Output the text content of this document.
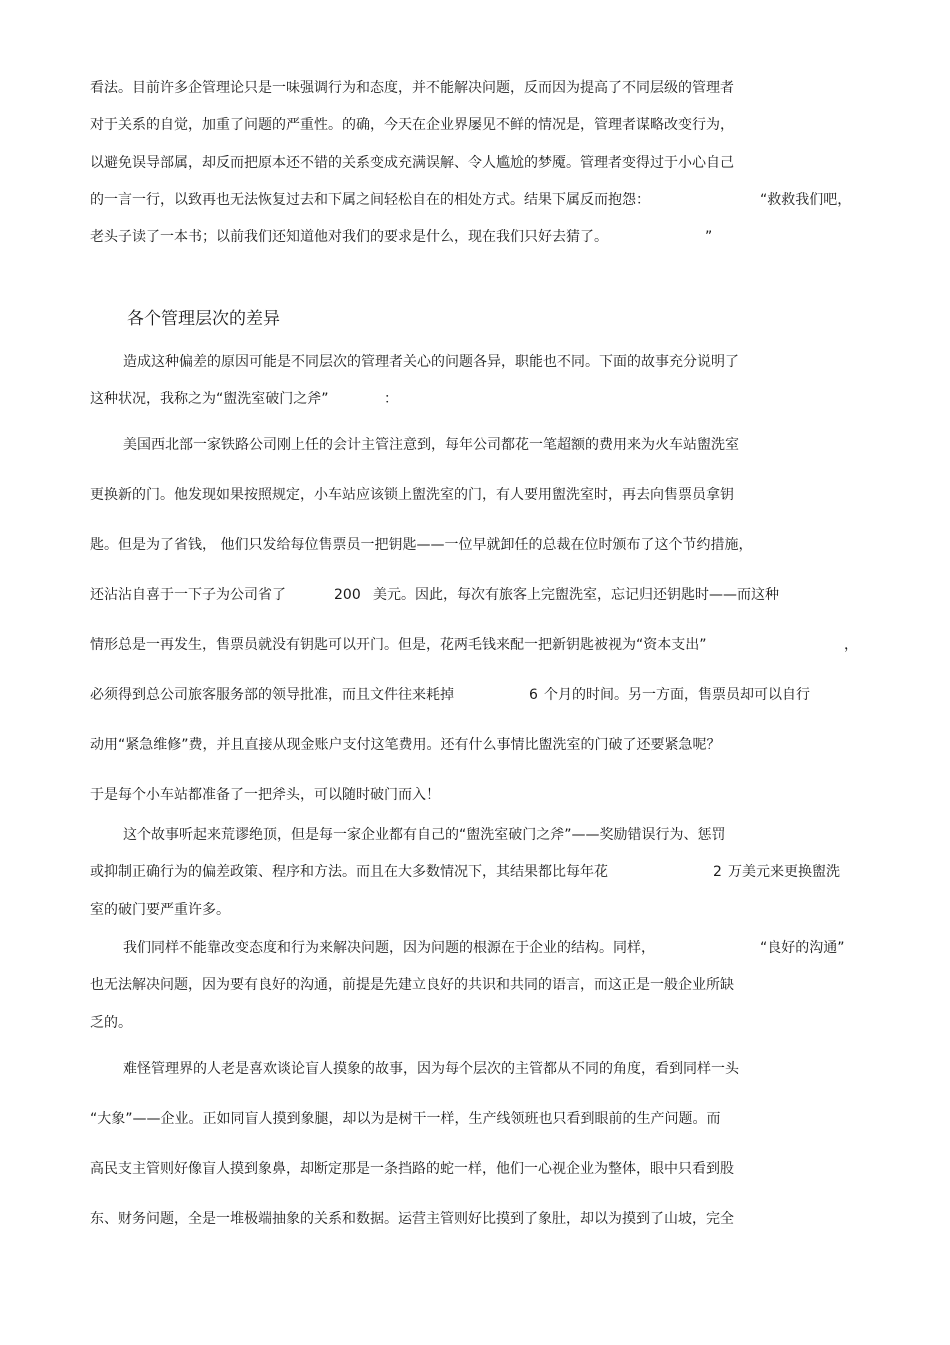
看法。目前许多企管理论只是一味强调行为和态度，并不能解决问题，反而因为提高了不同层级的管理者
对于关系的自觉，加重了问题的严重性。的确，今天在企业界屡见不鲜的情况是，管理者谋略改变行为，
以避免误导部属，却反而把原本还不错的关系变成充满误解、令人尴尬的梦魇。管理者变得过于小心自己
的一言一行，以致再也无法恢复过去和下属之间轻松自在的相处方式。结果下属反而抱怨：	“救救我们吧，
老头子读了一本书；以前我们还知道他对我们的要求是什么，现在我们只好去猜了。	”
各个管理层次的差异
造成这种偏差的原因可能是不同层次的管理者关心的问题各异，职能也不同。下面的故事充分说明了
这种状况，我称之为“盥洗室破门之斧”	：
美国西北部一家铁路公司刚上任的会计主管注意到，每年公司都花一笔超额的费用来为火车站盥洗室
更换新的门。他发现如果按照规定，小车站应该锁上盥洗室的门，有人要用盥洗室时，再去向售票员拿钥
匙。但是为了省钱， 他们只发给每位售票员一把钥匙——一位早就卸任的总裁在位时颁布了这个节约措施，
还沾沾自喜于一下子为公司省了	200 美元。因此，每次有旅客上完盥洗室，忘记归还钥匙时——而这种
情形总是一再发生，售票员就没有钥匙可以开门。但是，花两毛钱来配一把新钥匙被视为“资本支出”	，
必须得到总公司旅客服务部的领导批准，而且文件往来耗掉	6 个月的时间。另一方面，售票员却可以自行
动用“紧急维修”费，并且直接从现金账户支付这笔费用。还有什么事情比盥洗室的门破了还要紧急呢？
于是每个小车站都准备了一把斧头，可以随时破门而入！
这个故事听起来荒谬绝顶，但是每一家企业都有自己的“盥洗室破门之斧”——奖励错误行为、惩罚
或抑制正确行为的偏差政策、程序和方法。而且在大多数情况下，其结果都比每年花	2 万美元来更换盥洗
室的破门要严重许多。
我们同样不能靠改变态度和行为来解决问题，因为问题的根源在于企业的结构。同样，	“良好的沟通”
也无法解决问题，因为要有良好的沟通，前提是先建立良好的共识和共同的语言，而这正是一般企业所缺
乏的。
难怪管理界的人老是喜欢谈论盲人摸象的故事，因为每个层次的主管都从不同的角度，看到同样一头
“大象”——企业。正如同盲人摸到象腿，却以为是树干一样，生产线领班也只看到眼前的生产问题。而
高民支主管则好像盲人摸到象鼻，却断定那是一条挡路的蛇一样，他们一心视企业为整体，眼中只看到股
东、财务问题，全是一堆极端抽象的关系和数据。运营主管则好比摸到了象肚，却以为摸到了山坡，完全
